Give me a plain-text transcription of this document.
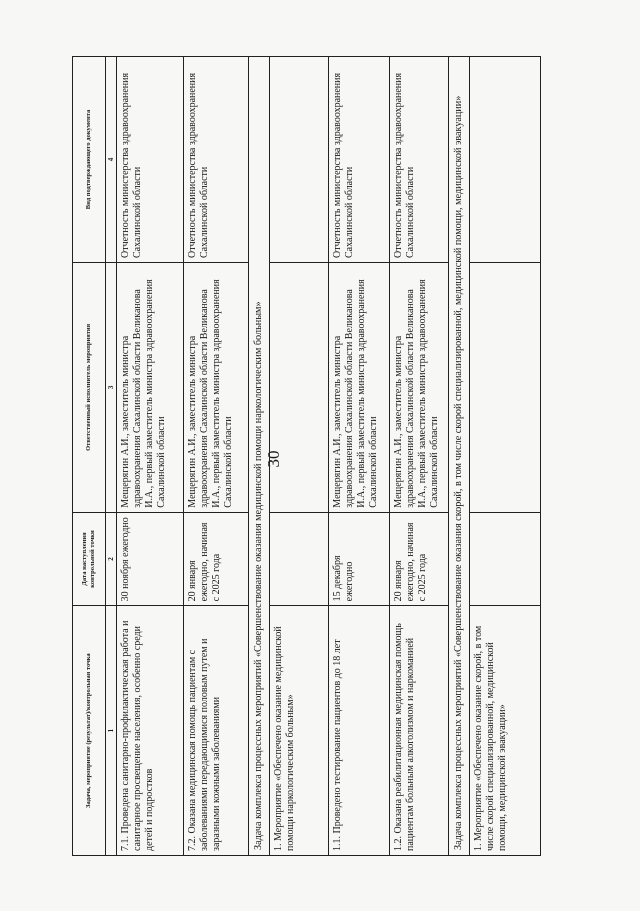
30
Задача, мероприятие (результат)/контрольная точка	Дата наступления контрольной точки	Ответственный исполнитель мероприятия	Вид подтверждающего документа
1	2	3	4
7.1. Проведена санитарно-профилактическая работа и санитарное просвещение населения, особенно среди детей и подростков	30 ноября ежегодно	Мещерягин А.И., заместитель министра здравоохранения Сахалинской области Великанова И.А., первый заместитель министра здравоохранения Сахалинской области	Отчетность министерства здравоохранения Сахалинской области
7.2. Оказана медицинская помощь пациентам с заболеваниями передающимися половым путем и заразными кожными заболеваниями	20 января ежегодно, начиная с 2025 года	Мещерягин А.И., заместитель министра здравоохранения Сахалинской области Великанова И.А., первый заместитель министра здравоохранения Сахалинской области	Отчетность министерства здравоохранения Сахалинской области
Задача комплекса процессных мероприятий «Совершенствование оказания медицинской помощи наркологическим больным»			
1. Мероприятие «Обеспечено оказание медицинской помощи наркологическим больным»			
1.1. Проведено тестирование пациентов до 18 лет	15 декабря ежегодно	Мещерягин А.И., заместитель министра здравоохранения Сахалинской области Великанова И.А., первый заместитель министра здравоохранения Сахалинской области	Отчетность министерства здравоохранения Сахалинской области
1.2. Оказана реабилитационная медицинская помощь пациентам больным алкоголизмом и наркоманией	20 января ежегодно, начиная с 2025 года	Мещерягин А.И., заместитель министра здравоохранения Сахалинской области Великанова И.А., первый заместитель министра здравоохранения Сахалинской области	Отчетность министерства здравоохранения Сахалинской области
Задача комплекса процессных мероприятий «Совершенствование оказания скорой, в том числе скорой специализированной, медицинской помощи, медицинской эвакуации»			
1. Мероприятие «Обеспечено оказание скорой, в том числе скорой специализированной, медицинской помощи, медицинской эвакуации»			
